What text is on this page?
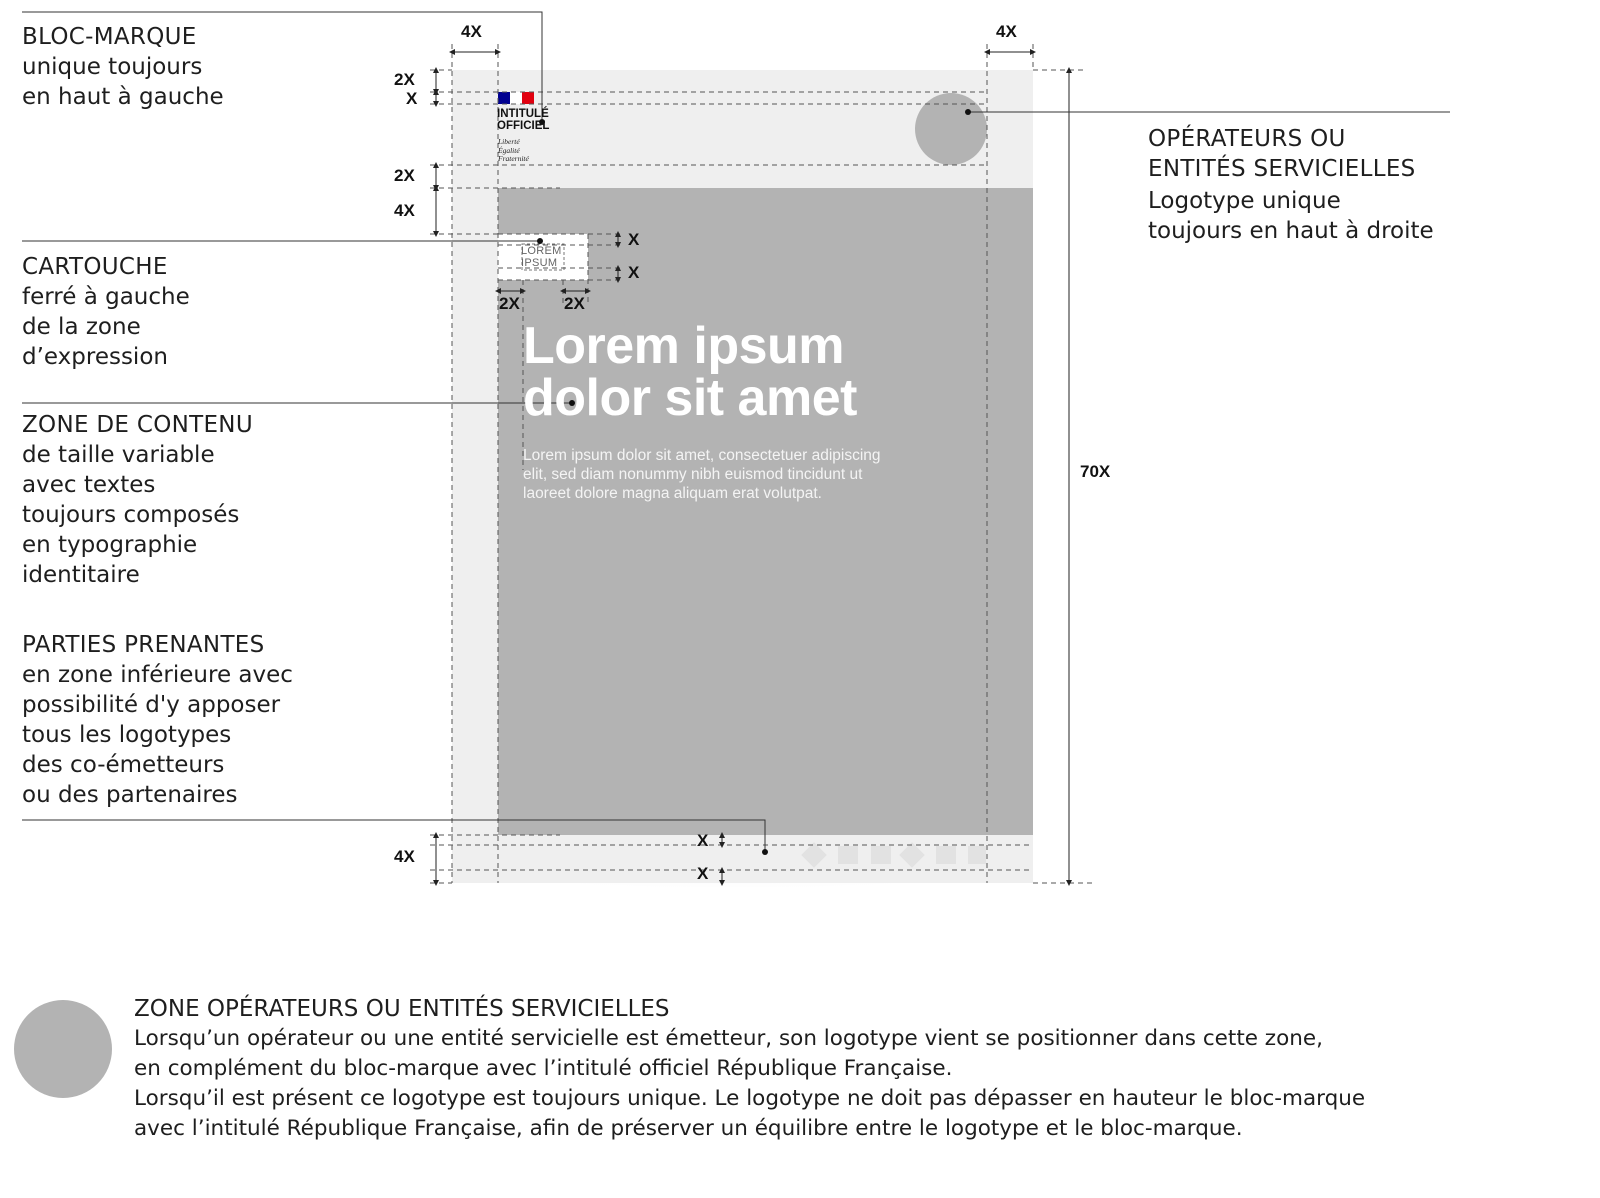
INTITULÉ
OFFICIEL
Liberté
Égalité
Fraternité
LOREM
IPSUM
Lorem ipsum
dolor sit amet
Lorem ipsum dolor sit amet, consectetuer adipiscing elit, sed diam nonummy nibh euismod tincidunt ut laoreet dolore magna aliquam erat volutpat.
4X	4X
2X
X
2X
4X
X
X
2X	2X
70X
4X
X
X
BLOC-MARQUE
unique toujours
en haut à gauche
CARTOUCHE
ferré à gauche
de la zone
d’expression
ZONE DE CONTENU
de taille variable
avec textes
toujours composés
en typographie
identitaire
PARTIES PRENANTES
en zone inférieure avec
possibilité d'y apposer
tous les logotypes
des co-émetteurs
ou des partenaires
OPÉRATEURS OU
ENTITÉS SERVICIELLES
Logotype unique
toujours en haut à droite
ZONE OPÉRATEURS OU ENTITÉS SERVICIELLES
Lorsqu’un opérateur ou une entité servicielle est émetteur, son logotype vient se positionner dans cette zone,
en complément du bloc-marque avec l’intitulé officiel République Française.
Lorsqu’il est présent ce logotype est toujours unique. Le logotype ne doit pas dépasser en hauteur le bloc-marque
avec l’intitulé République Française, afin de préserver un équilibre entre le logotype et le bloc-marque.
